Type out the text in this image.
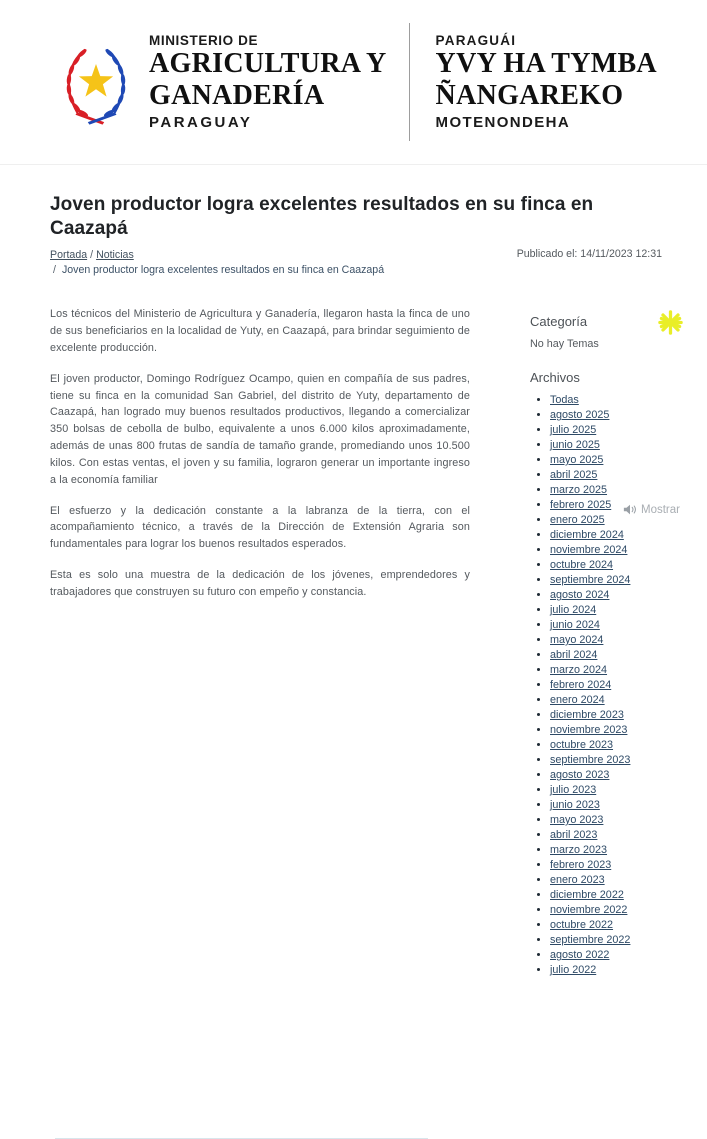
MINISTERIO DE
AGRICULTURA Y
GANADERÍA
PARAGUAY
PARAGUÁI
YVY HA TYMBA
ÑANGAREKO
MOTENONDEHA
Joven productor logra excelentes resultados en su finca en Caazapá
Portada / Noticias
/ Joven productor logra excelentes resultados en su finca en Caazapá
Publicado el: 14/11/2023 12:31

Los técnicos del Ministerio de Agricultura y Ganadería, llegaron hasta la finca de uno de sus beneficiarios en la localidad de Yuty, en Caazapá, para brindar seguimiento de excelente producción.

El joven productor, Domingo Rodríguez Ocampo, quien en compañía de sus padres, tiene su finca en la comunidad San Gabriel, del distrito de Yuty, departamento de Caazapá, han logrado muy buenos resultados productivos, llegando a comercializar 350 bolsas de cebolla de bulbo, equivalente a unos 6.000 kilos aproximadamente, además de unas 800 frutas de sandía de tamaño grande, promediando unos 10.500 kilos. Con estas ventas, el joven y su familia, lograron generar un importante ingreso a la economía familiar

El esfuerzo y la dedicación constante a la labranza de la tierra, con el acompañamiento técnico, a través de la Dirección de Extensión Agraria son fundamentales para lograr los buenos resultados esperados.

Esta es solo una muestra de la dedicación de los jóvenes, emprendedores y trabajadores que construyen su futuro con empeño y constancia.

Categoría
No hay Temas
Archivos
• Todas
• agosto 2025
• julio 2025
• junio 2025
• mayo 2025
• abril 2025
• marzo 2025
• febrero 2025
• enero 2025
• diciembre 2024
• noviembre 2024
• octubre 2024
• septiembre 2024
• agosto 2024
• julio 2024
• junio 2024
• mayo 2024
• abril 2024
• marzo 2024
• febrero 2024
• enero 2024
• diciembre 2023
• noviembre 2023
• octubre 2023
• septiembre 2023
• agosto 2023
• julio 2023
• junio 2023
• mayo 2023
• abril 2023
• marzo 2023
• febrero 2023
• enero 2023
• diciembre 2022
• noviembre 2022
• octubre 2022
• septiembre 2022
• agosto 2022
• julio 2022
Mostrar
